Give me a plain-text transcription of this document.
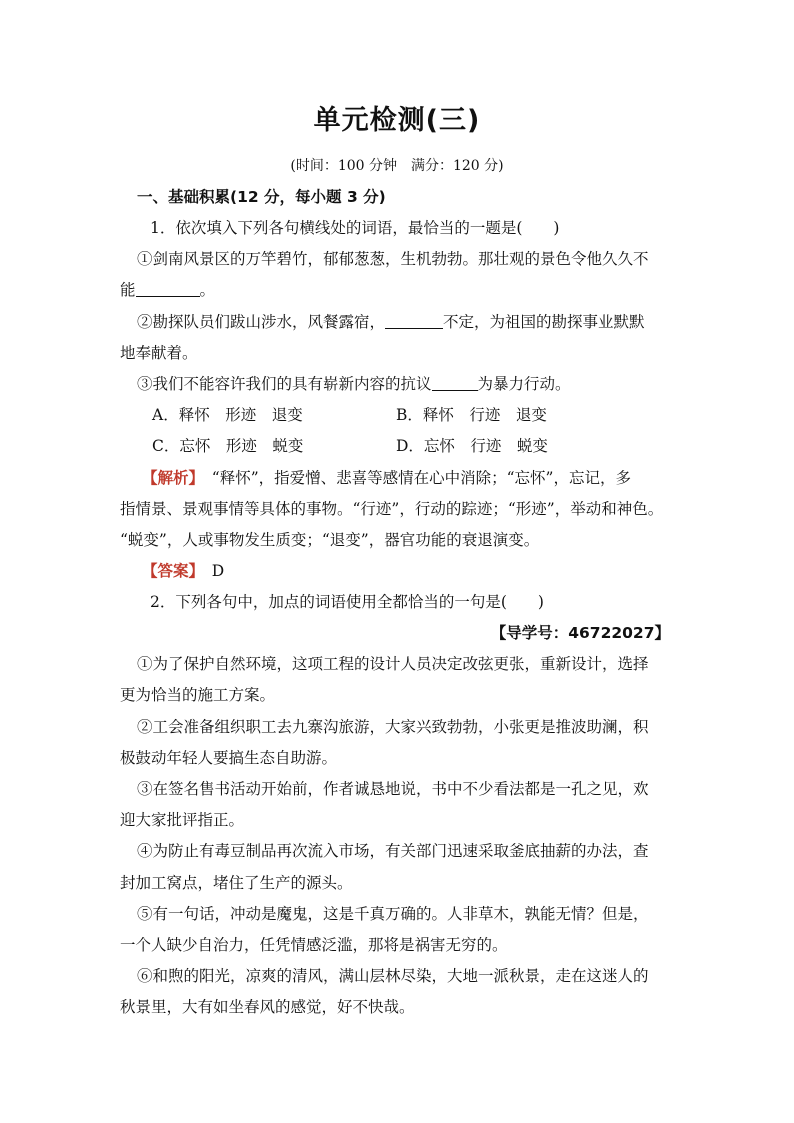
单元检测(三)
(时间：100 分钟　满分：120 分)
一、基础积累(12 分，每小题 3 分)
1．依次填入下列各句横线处的词语，最恰当的一题是(　　)
①剑南风景区的万竿碧竹，郁郁葱葱，生机勃勃。那壮观的景色令他久久不
能	。
②勘探队员们跋山涉水，风餐露宿，	不定，为祖国的勘探事业默默
地奉献着。
③我们不能容许我们的具有崭新内容的抗议	为暴力行动。
A．释怀　形迹　退变	B．释怀　行迹　退变
C．忘怀　形迹　蜕变	D．忘怀　行迹　蜕变
【解析】　 “释怀”，指爱憎、悲喜等感情在心中消除；“忘怀”，忘记，多
指情景、景观事情等具体的事物。“行迹”，行动的踪迹；“形迹”，举动和神色。
“蜕变”，人或事物发生质变；“退变”，器官功能的衰退演变。
【答案】　 D
2．下列各句中，加点的词语使用全都恰当的一句是(　　)
【导学号：46722027】
①为了保护自然环境，这项工程的设计人员决定改弦更张，重新设计，选择
更为恰当的施工方案。
②工会准备组织职工去九寨沟旅游，大家兴致勃勃，小张更是推波助澜，积
极鼓动年轻人要搞生态自助游。
③在签名售书活动开始前，作者诚恳地说，书中不少看法都是一孔之见，欢
迎大家批评指正。
④为防止有毒豆制品再次流入市场，有关部门迅速采取釜底抽薪的办法，查
封加工窝点，堵住了生产的源头。
⑤有一句话，冲动是魔鬼，这是千真万确的。人非草木，孰能无情？但是，
一个人缺少自治力，任凭情感泛滥，那将是祸害无穷的。
⑥和煦的阳光，凉爽的清风，满山层林尽染，大地一派秋景，走在这迷人的
秋景里，大有如坐春风的感觉，好不快哉。
